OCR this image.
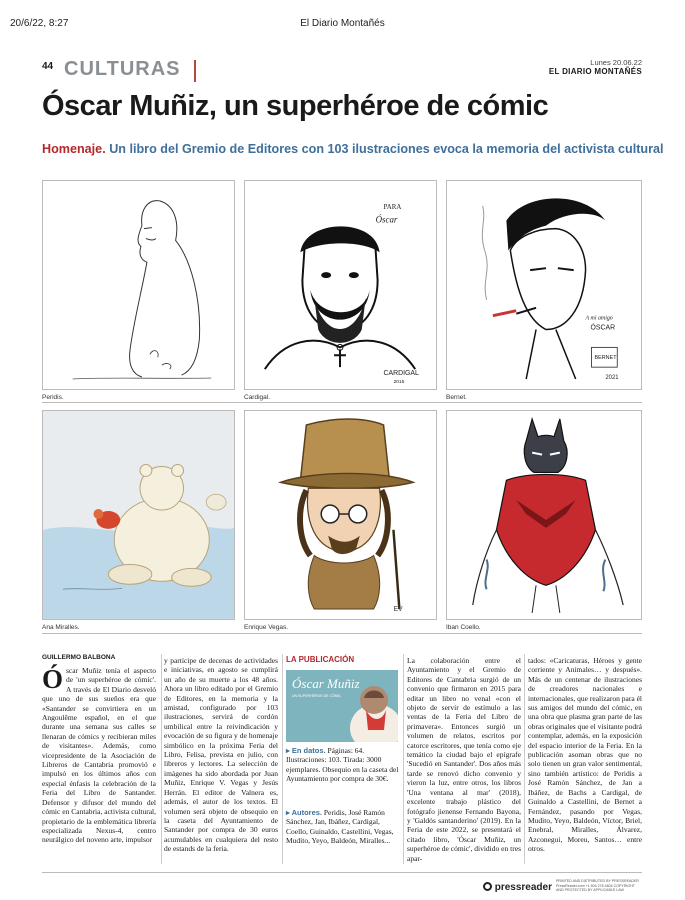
20/6/22, 8:27	El Diario Montañés
44 CULTURAS	Lunes 20.06.22
EL DIARIO MONTAÑÉS
Óscar Muñiz, un superhéroe de cómic
Homenaje. Un libro del Gremio de Editores con 103 ilustraciones evoca la memoria del activista cultural
PARA
Óscar
CARDIGAL
2015
A mi amigo
ÓSCAR
BERNET
2021
Peridis.	Cardigal.	Bernet.
EV
Ana Miralles.	Enrique Vegas.	Iban Coello.
GUILLERMO BALBONA
Óscar Muñiz tenía el aspecto de 'un superhéroe de cómic'. A través de El Diario desveló que uno de sus sueños era que «Santander se convirtiera en un Angoulême español, en el que durante una semana sus calles se llenaran de cómics y recibieran miles de visitantes». Además, como vicepresidente de la Asociación de Libreros de Cantabria promovió e impulsó en los últimos años con especial énfasis la celebración de la Feria del Libro de Santander. Defensor y difusor del mundo del cómic en Cantabria, activista cultural, propietario de la emblemática librería especializada Nexus-4, centro neurálgico del noveno arte, impulsor
y partícipe de decenas de actividades e iniciativas, en agosto se cumplirá un año de su muerte a los 48 años. Ahora un libro editado por el Gremio de Editores, en la memoria y la amistad, configurado por 103 ilustraciones, servirá de cordón umbilical entre la reivindicación y evocación de su figura y de homenaje simbólico en la próxima Feria del Libro, Felisa, prevista en julio, con libreros y lectores. La selección de imágenes ha sido abordada por Juan Muñiz, Enrique V. Vegas y Jesús Herrán. El editor de Valnera es, además, el autor de los textos. El volumen será objeto de obsequio en la caseta del Ayuntamiento de Santander por compra de 30 euros acumulables en cualquiera del resto de estands de la feria.
LA PUBLICACIÓN
Óscar Muñiz
UN SUPERHÉROE DE CÓMIC
▸ En datos. Páginas: 64. Ilustraciones: 103. Tirada: 3000 ejemplares. Obsequio en la caseta del Ayuntamiento por compra de 30€.
▸ Autores. Peridis, José Ramón Sánchez, Jan, Ibáñez, Cardigal, Coello, Guinaldo, Castellini, Vegas, Mudito, Yeyo, Baldeón, Miralles...
La colaboración entre el Ayuntamiento y el Gremio de Editores de Cantabria surgió de un convenio que firmaron en 2015 para editar un libro no venal «con el objeto de servir de estímulo a las ventas de la Feria del Libro de primavera». Entonces surgió un volumen de relatos, escritos por catorce escritores, que tenía como eje temático la ciudad bajo el epígrafe 'Sucedió en Santander'. Dos años más tarde se renovó dicho convenio y vieron la luz, entre otros, los libros 'Una ventana al mar' (2018), excelente trabajo plástico del fotógrafo jienense Fernando Bayona, y 'Galdós santanderino' (2019). En la Feria de este 2022, se presentará el citado libro, 'Óscar Muñiz, un superhéroe de cómic', dividido en tres apar-
tados: «Caricaturas, Héroes y gente corriente y Animales… y después». Más de un centenar de ilustraciones de creadores nacionales e internacionales, que realizaron para él sus amigos del mundo del cómic, en una obra que plasma gran parte de las obras originales que el visitante podrá contemplar, además, en la exposición del espacio interior de la Feria. En la publicación asoman obras que no solo tienen un gran valor sentimental, sino también artístico: de Peridis a José Ramón Sánchez, de Jan a Ibáñez, de Bachs a Cardigal, de Guinaldo a Castellini, de Bernet a Fernández, pasando por Vegas, Mudito, Yeyo, Baldeón, Víctor, Briel, Enebral, Miralles, Álvarez, Azconegui, Moreu, Santos… entre otros.
pressreader
PRINTED AND DISTRIBUTED BY PRESSREADER PressReader.com +1 604 278 4604 COPYRIGHT AND PROTECTED BY APPLICABLE LAW
